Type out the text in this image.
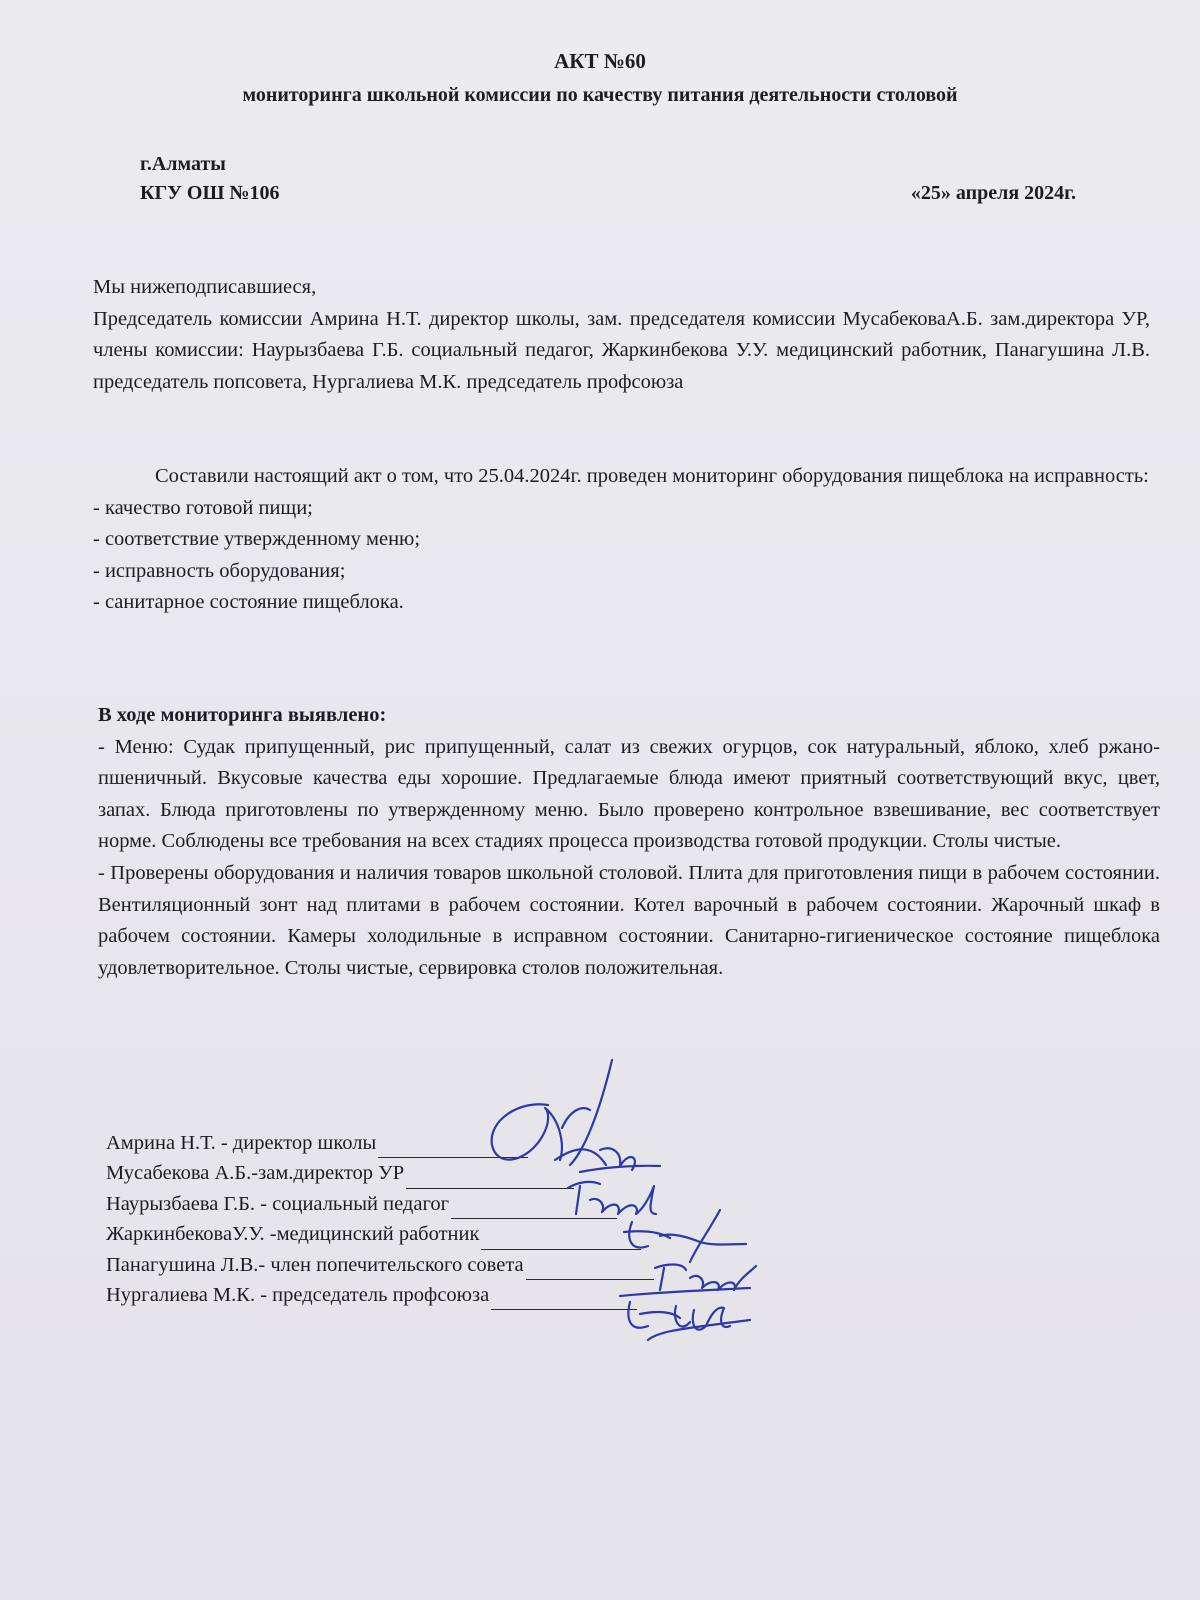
АКТ №60
мониторинга школьной комиссии по качеству питания деятельности столовой
г.Алматы
КГУ ОШ №106	«25» апреля 2024г.

Мы нижеподписавшиеся,

Председатель комиссии Амрина Н.Т. директор школы, зам. председателя комиссии МусабековаА.Б. зам.директора УР, члены комиссии: Наурызбаева Г.Б. социальный педагог, Жаркинбекова У.У. медицинский работник, Панагушина Л.В. председатель попсовета, Нургалиева М.К. председатель профсоюза

Составили настоящий акт о том, что 25.04.2024г. проведен мониторинг оборудования пищеблока на исправность:

- качество готовой пищи;
- соответствие утвержденному меню;
- исправность оборудования;
- санитарное состояние пищеблока.
В ходе мониторинга выявлено:

- Меню: Судак припущенный, рис припущенный, салат из свежих огурцов, сок натуральный, яблоко, хлеб ржано-пшеничный. Вкусовые качества еды хорошие. Предлагаемые блюда имеют приятный соответствующий вкус, цвет, запах. Блюда приготовлены по утвержденному меню. Было проверено контрольное взвешивание, вес соответствует норме. Соблюдены все требования на всех стадиях процесса производства готовой продукции. Столы чистые.

- Проверены оборудования и наличия товаров школьной столовой. Плита для приготовления пищи в рабочем состоянии. Вентиляционный зонт над плитами в рабочем состоянии. Котел варочный в рабочем состоянии. Жарочный шкаф в рабочем состоянии. Камеры холодильные в исправном состоянии. Санитарно-гигиеническое состояние пищеблока удовлетворительное. Столы чистые, сервировка столов положительная.

Амрина Н.Т. - директор школы
Мусабекова А.Б.-зам.директор УР
Наурызбаева Г.Б. - социальный педагог
ЖаркинбековаУ.У. -медицинский работник
Панагушина Л.В.- член попечительского совета
Нургалиева М.К. - председатель профсоюза
